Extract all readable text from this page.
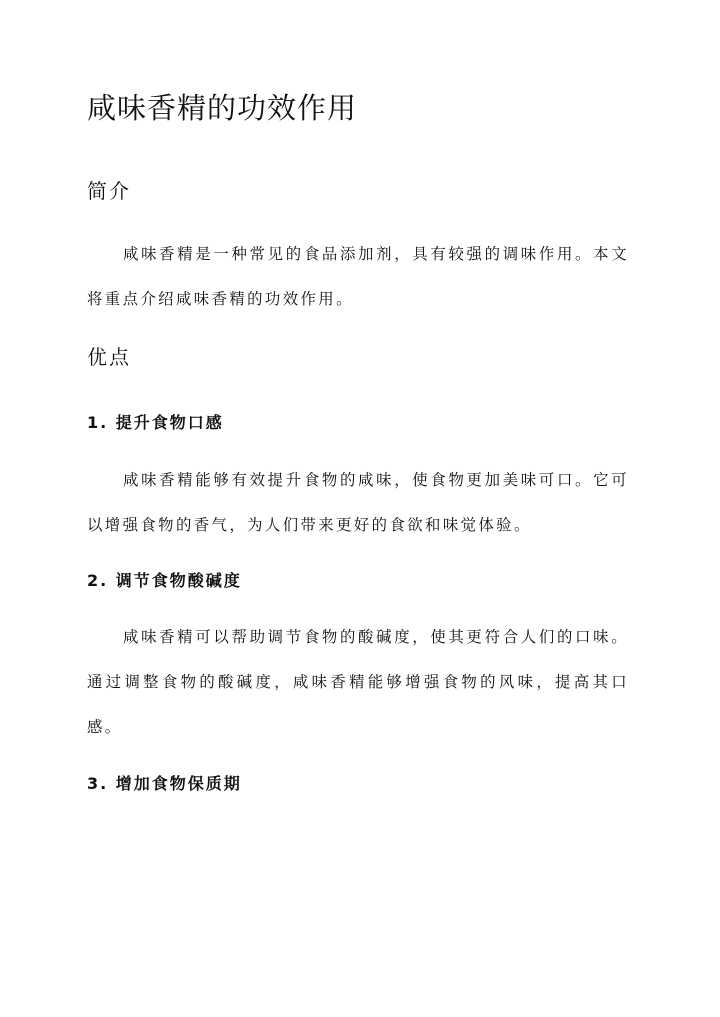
咸味香精的功效作用
简介

咸味香精是一种常见的食品添加剂，具有较强的调味作用。本文将重点介绍咸味香精的功效作用。

优点
1. 提升食物口感

咸味香精能够有效提升食物的咸味，使食物更加美味可口。它可以增强食物的香气，为人们带来更好的食欲和味觉体验。

2. 调节食物酸碱度

咸味香精可以帮助调节食物的酸碱度，使其更符合人们的口味。通过调整食物的酸碱度，咸味香精能够增强食物的风味，提高其口感。

3. 增加食物保质期
